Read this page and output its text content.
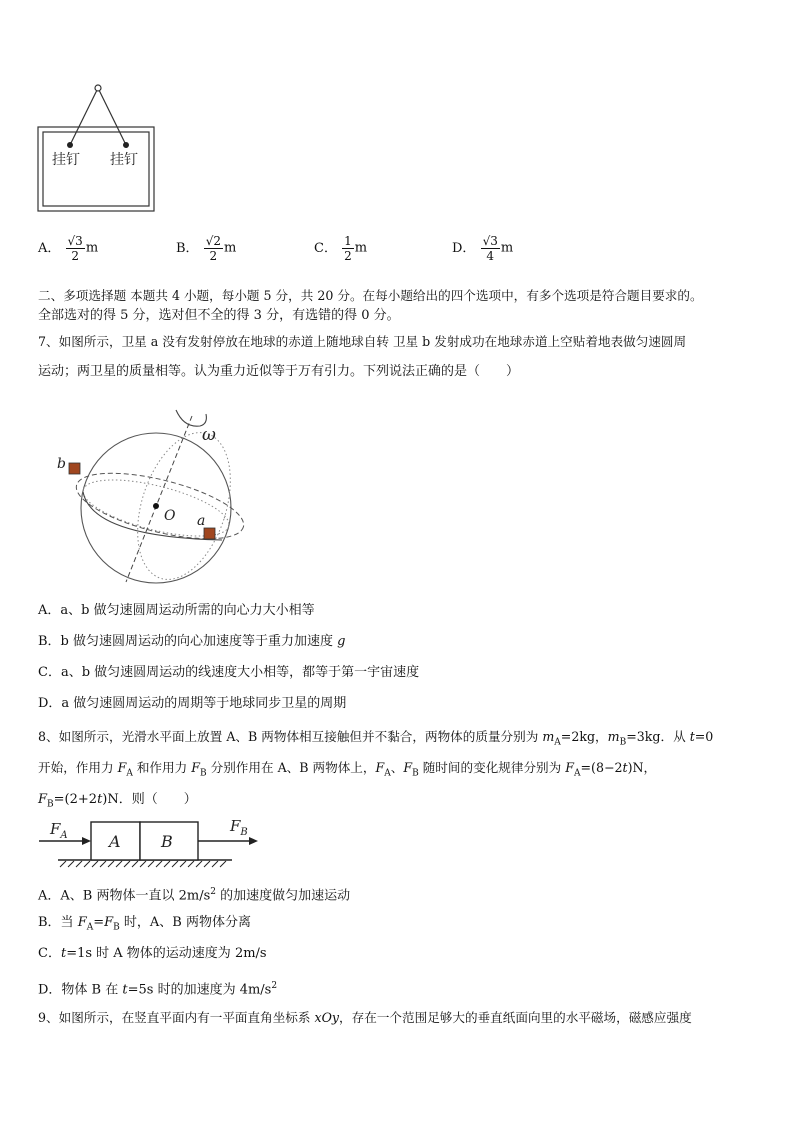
挂钉 挂钉
A． $\frac{√3}{2}$ m	B． $\frac{√2}{2}$ m	C． $\frac{1}{2}$ m	D． $\frac{√3}{4}$ m
二、多项选择题 本题共 4 小题，每小题 5 分，共 20 分。在每小题给出的四个选项中，有多个选项是符合题目要求的。
全部选对的得 5 分，选对但不全的得 3 分，有选错的得 0 分。
7、如图所示，卫星 a 没有发射停放在地球的赤道上随地球自转 卫星 b 发射成功在地球赤道上空贴着地表做匀速圆周
运动；两卫星的质量相等。认为重力近似等于万有引力。下列说法正确的是（　　）
ω
O
b
a
A．a、b 做匀速圆周运动所需的向心力大小相等
B．b 做匀速圆周运动的向心加速度等于重力加速度 g
C．a、b 做匀速圆周运动的线速度大小相等，都等于第一宇宙速度
D．a 做匀速圆周运动的周期等于地球同步卫星的周期
8、如图所示，光滑水平面上放置 A、B 两物体相互接触但并不黏合，两物体的质量分别为 $m_A=2kg$，$m_B=3kg$．从 t=0
开始，作用力 $F_A$ 和作用力 $F_B$ 分别作用在 A、B 两物体上，$F_A$、$F_B$ 随时间的变化规律分别为 $F_A=(8-2t)N$，
$F_B=(2+2t)N$．则（　　）
A	B
$F_A$
$F_B$
A．A、B 两物体一直以 $2m/s^2$ 的加速度做匀加速运动
B．当 $F_A=F_B$ 时，A、B 两物体分离
C．t=1s 时 A 物体的运动速度为 2m/s
D．物体 B 在 t=5s 时的加速度为 $4m/s^2$
9、如图所示，在竖直平面内有一平面直角坐标系 xOy，存在一个范围足够大的垂直纸面向里的水平磁场，磁感应强度
